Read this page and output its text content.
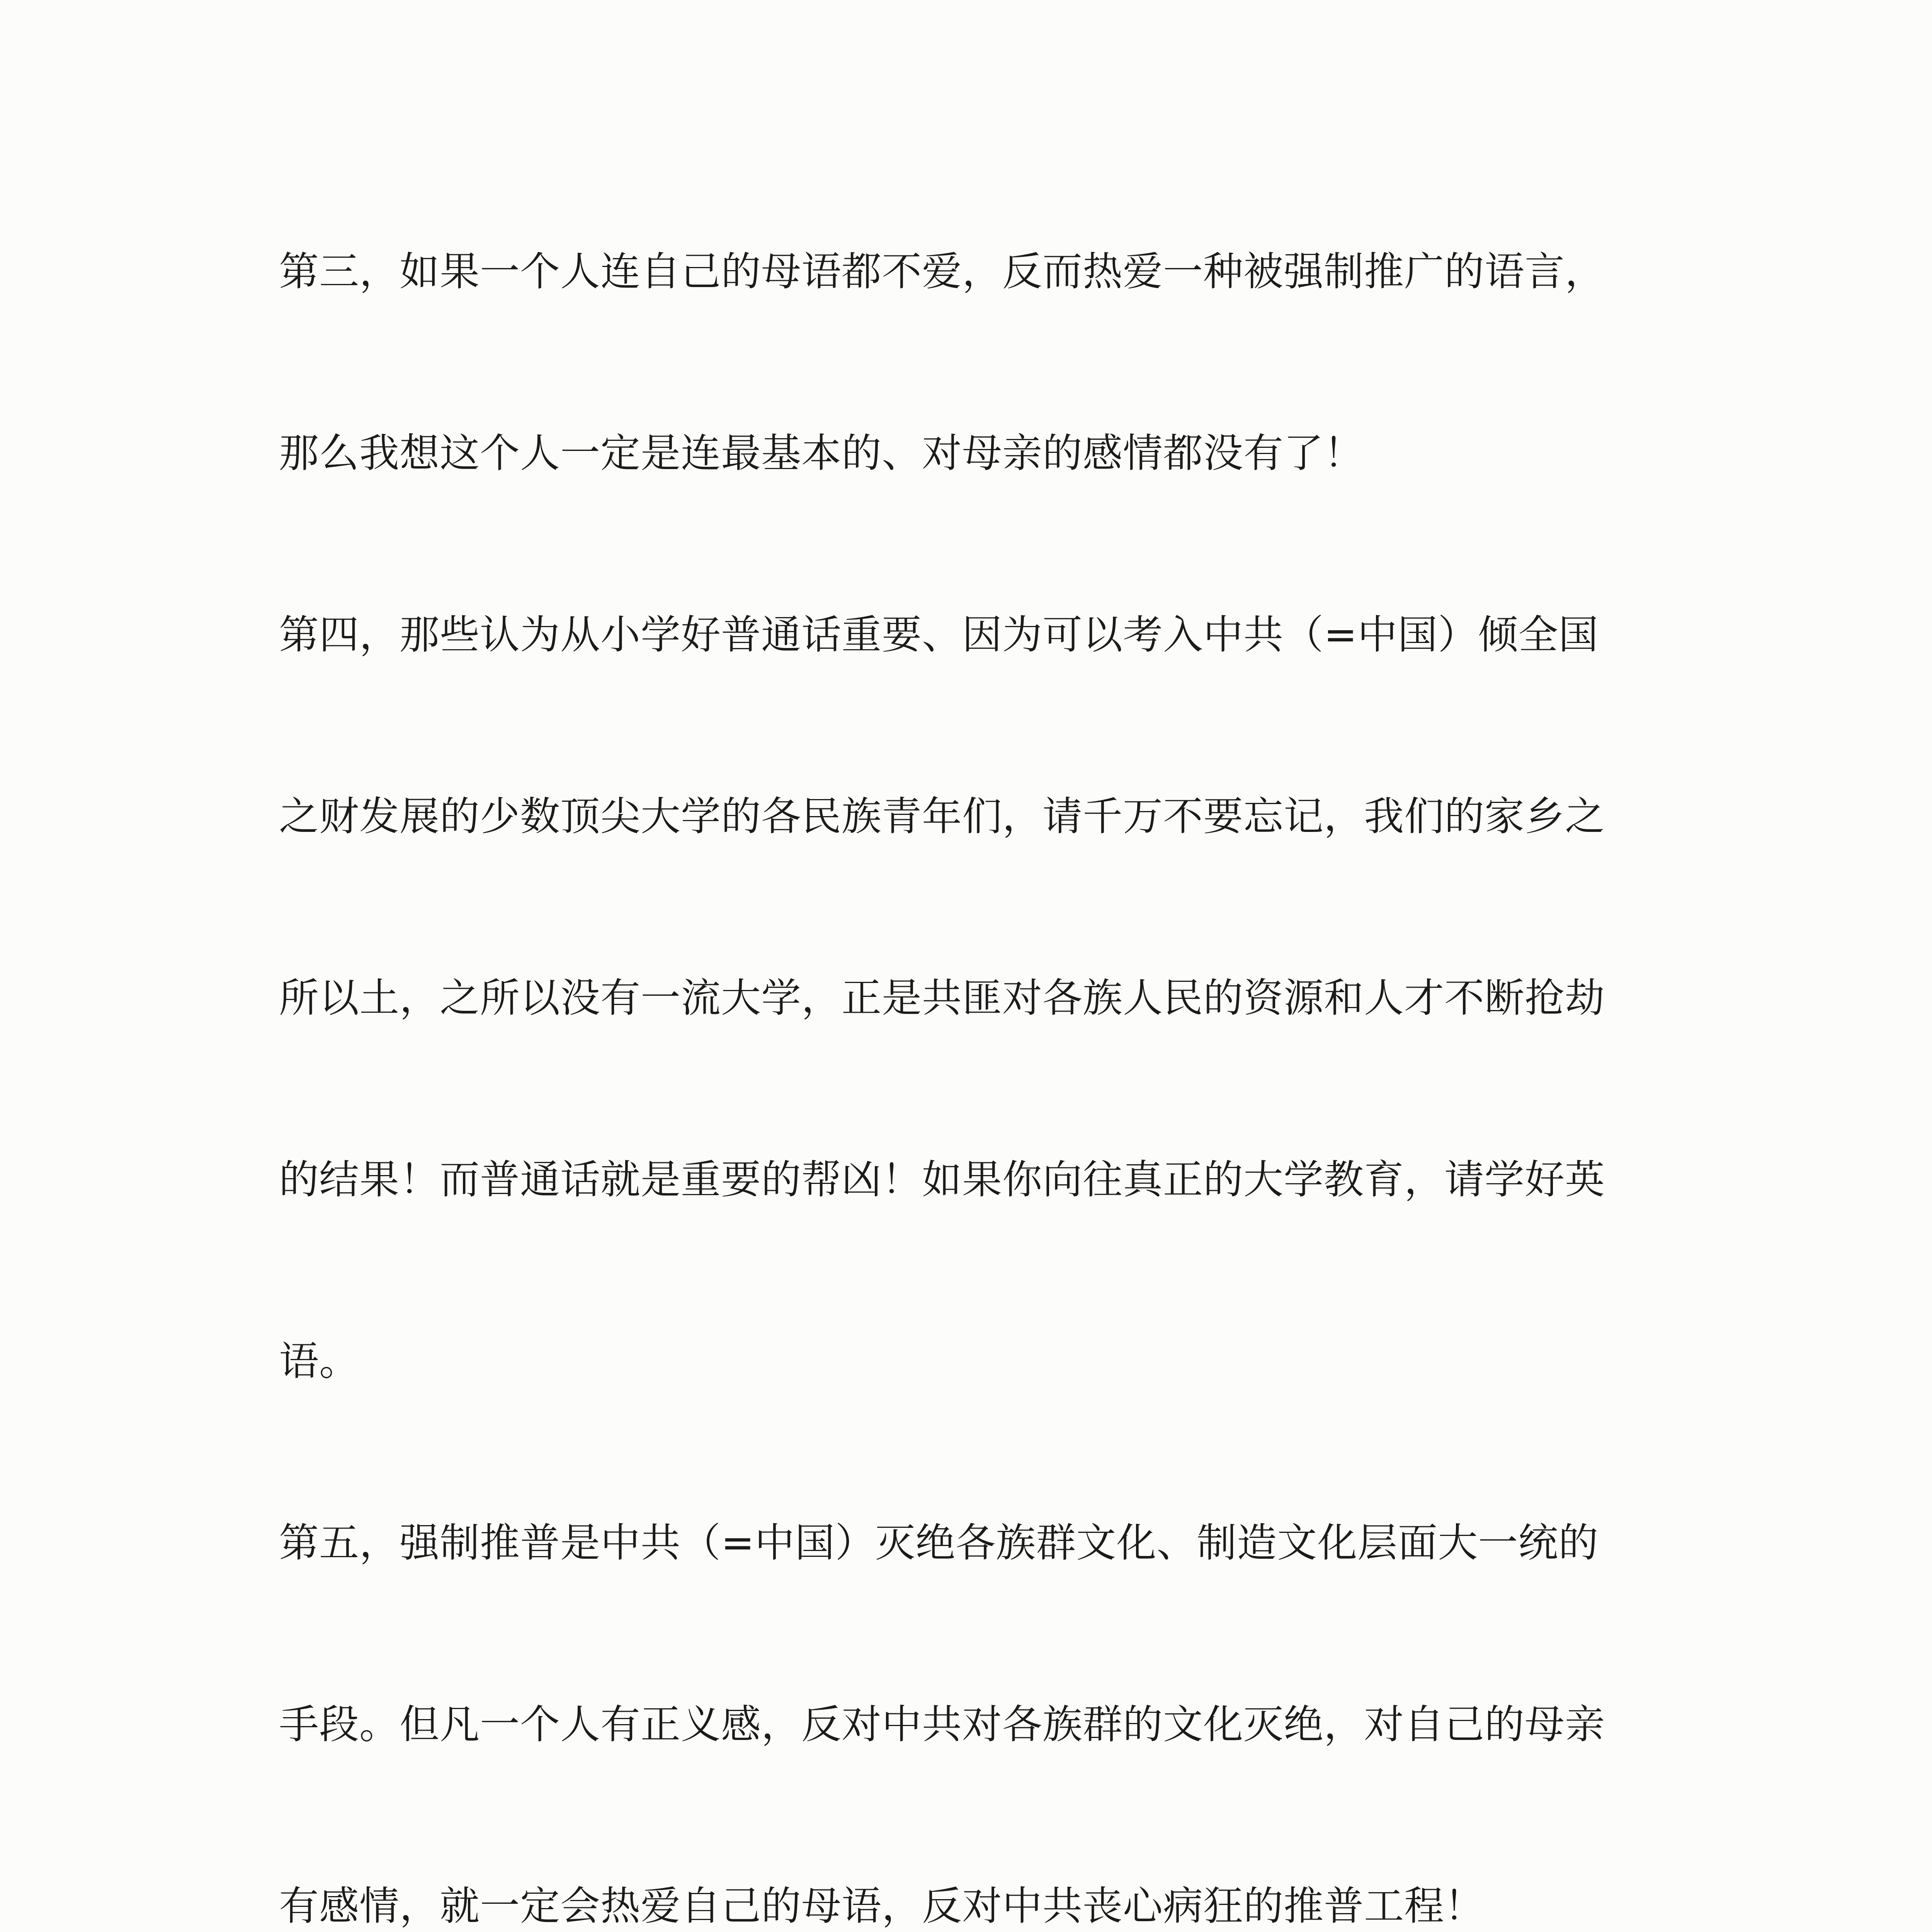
第三，如果一个人连自己的母语都不爱，反而热爱一种被强制推广的语言，
那么我想这个人一定是连最基本的、对母亲的感情都没有了！
第四，那些认为从小学好普通话重要、因为可以考入中共（=中国）倾全国
之财发展的少数顶尖大学的各民族青年们，请千万不要忘记，我们的家乡之
所以土，之所以没有一流大学，正是共匪对各族人民的资源和人才不断抢劫
的结果！而普通话就是重要的帮凶！如果你向往真正的大学教育，请学好英
语。
第五，强制推普是中共（=中国）灭绝各族群文化、制造文化层面大一统的
手段。但凡一个人有正义感，反对中共对各族群的文化灭绝，对自己的母亲
有感情，就一定会热爱自己的母语，反对中共丧心病狂的推普工程！
